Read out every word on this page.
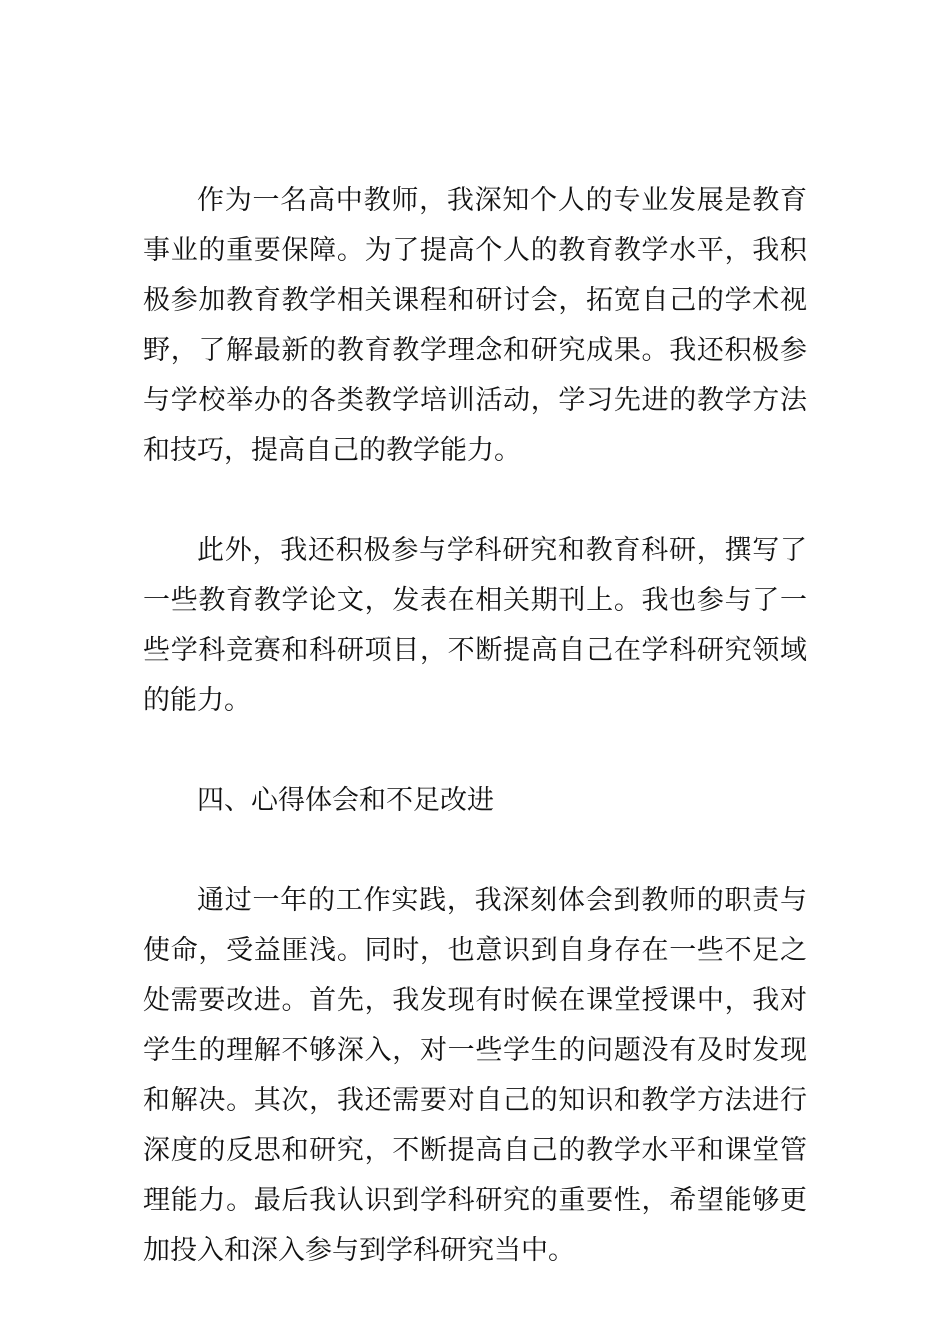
作为一名高中教师，我深知个人的专业发展是教育事业的重要保障。为了提高个人的教育教学水平，我积极参加教育教学相关课程和研讨会，拓宽自己的学术视野，了解最新的教育教学理念和研究成果。我还积极参与学校举办的各类教学培训活动，学习先进的教学方法和技巧，提高自己的教学能力。

此外，我还积极参与学科研究和教育科研，撰写了一些教育教学论文，发表在相关期刊上。我也参与了一些学科竞赛和科研项目，不断提高自己在学科研究领域的能力。

四、心得体会和不足改进

通过一年的工作实践，我深刻体会到教师的职责与使命，受益匪浅。同时，也意识到自身存在一些不足之处需要改进。首先，我发现有时候在课堂授课中，我对学生的理解不够深入，对一些学生的问题没有及时发现和解决。其次，我还需要对自己的知识和教学方法进行深度的反思和研究，不断提高自己的教学水平和课堂管理能力。最后我认识到学科研究的重要性，希望能够更加投入和深入参与到学科研究当中。
